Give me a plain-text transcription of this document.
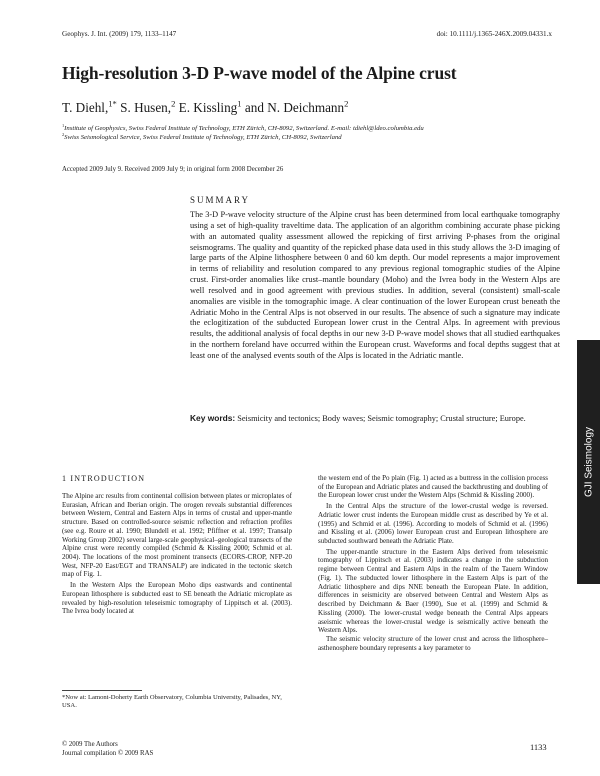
Geophys. J. Int. (2009) 179, 1133–1147	doi: 10.1111/j.1365-246X.2009.04331.x
High-resolution 3-D P-wave model of the Alpine crust
T. Diehl,$^{1*}$ S. Husen,$^2$ E. Kissling$^1$ and N. Deichmann$^2$
$^1$Institute of Geophysics, Swiss Federal Institute of Technology, ETH Zürich, CH-8092, Switzerland. E-mail: tdiehl@ldeo.columbia.edu
$^2$Swiss Seismological Service, Swiss Federal Institute of Technology, ETH Zürich, CH-8092, Switzerland
Accepted 2009 July 9. Received 2009 July 9; in original form 2008 December 26
SUMMARY

The 3-D P-wave velocity structure of the Alpine crust has been determined from local earthquake tomography using a set of high-quality traveltime data. The application of an algorithm combining accurate phase picking with an automated quality assessment allowed the repicking of first arriving P-phases from the original seismograms. The quality and quantity of the repicked phase data used in this study allows the 3-D imaging of large parts of the Alpine lithosphere between 0 and 60 km depth. Our model represents a major improvement in terms of reliability and resolution compared to any previous regional tomographic studies of the Alpine crust. First-order anomalies like crust–mantle boundary (Moho) and the Ivrea body in the Western Alps are well resolved and in good agreement with previous studies. In addition, several (consistent) small-scale anomalies are visible in the tomographic image. A clear continuation of the lower European crust beneath the Adriatic Moho in the Central Alps is not observed in our results. The absence of such a signature may indicate the eclogitization of the subducted European lower crust in the Central Alps. In agreement with previous results, the additional analysis of focal depths in our new 3-D P-wave model shows that all studied earthquakes in the northern foreland have occurred within the European crust. Waveforms and focal depths suggest that at least one of the analysed events south of the Alps is located in the Adriatic mantle.

Key words: Seismicity and tectonics; Body waves; Seismic tomography; Crustal structure; Europe.
GJI Seismology
1 INTRODUCTION

The Alpine arc results from continental collision between plates or microplates of Eurasian, African and Iberian origin. The orogen reveals substantial differences between Western, Central and Eastern Alps in terms of crustal and upper-mantle structure. Based on controlled-source seismic reflection and refraction profiles (see e.g. Roure et al. 1990; Blundell et al. 1992; Pfiffner et al. 1997; Transalp Working Group 2002) several large-scale geophysical–geological transects of the Alpine crust were recently compiled (Schmid & Kissling 2000; Schmid et al. 2004). The locations of the most prominent transects (ECORS-CROP, NFP-20 West, NFP-20 East/EGT and TRANSALP) are indicated in the tectonic sketch map of Fig. 1.

In the Western Alps the European Moho dips eastwards and continental European lithosphere is subducted east to SE beneath the Adriatic microplate as revealed by high-resolution teleseismic tomography of Lippitsch et al. (2003). The Ivrea body located at

the western end of the Po plain (Fig. 1) acted as a buttress in the collision process of the European and Adriatic plates and caused the backthrusting and doubling of the European lower crust under the Western Alps (Schmid & Kissling 2000).

In the Central Alps the structure of the lower-crustal wedge is reversed. Adriatic lower crust indents the European middle crust as described by Ye et al. (1995) and Schmid et al. (1996). According to models of Schmid et al. (1996) and Kissling et al. (2006) lower European crust and European lithosphere are subducted southward beneath the Adriatic Plate.

The upper-mantle structure in the Eastern Alps derived from teleseismic tomography of Lippitsch et al. (2003) indicates a change in the subduction regime between Central and Eastern Alps in the realm of the Tauern Window (Fig. 1). The subducted lower lithosphere in the Eastern Alps is part of the Adriatic lithosphere and dips NNE beneath the European Plate. In addition, differences in seismicity are observed between Central and Western Alps as described by Deichmann & Baer (1990), Sue et al. (1999) and Schmid & Kissling (2000). The lower-crustal wedge beneath the Central Alps appears aseismic whereas the lower-crustal wedge is seismically active beneath the Western Alps.

The seismic velocity structure of the lower crust and across the lithosphere–asthenosphere boundary represents a key parameter to

*Now at: Lamont-Doherty Earth Observatory, Columbia University, Palisades, NY, USA.
© 2009 The Authors
Journal compilation © 2009 RAS
1133
